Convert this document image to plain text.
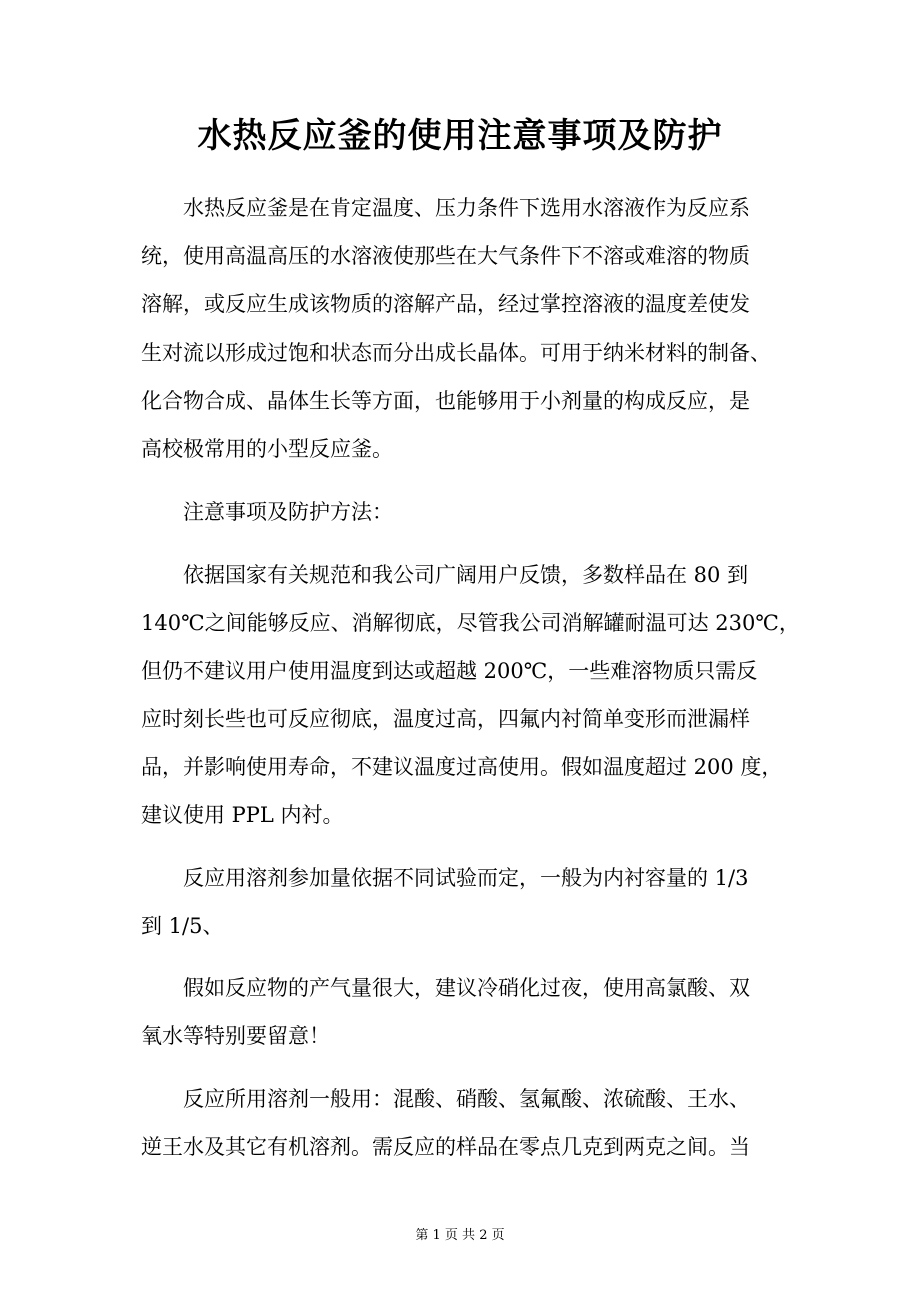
水热反应釜的使用注意事项及防护
水热反应釜是在肯定温度、压力条件下选用水溶液作为反应系
统，使用高温高压的水溶液使那些在大气条件下不溶或难溶的物质
溶解，或反应生成该物质的溶解产品，经过掌控溶液的温度差使发
生对流以形成过饱和状态而分出成长晶体。可用于纳米材料的制备、
化合物合成、晶体生长等方面，也能够用于小剂量的构成反应，是
高校极常用的小型反应釜。
注意事项及防护方法：
依据国家有关规范和我公司广阔用户反馈，多数样品在 80 到
140℃之间能够反应、消解彻底，尽管我公司消解罐耐温可达 230℃，
但仍不建议用户使用温度到达或超越 200℃，一些难溶物质只需反
应时刻长些也可反应彻底，温度过高，四氟内衬简单变形而泄漏样
品，并影响使用寿命，不建议温度过高使用。假如温度超过 200 度，
建议使用 PPL 内衬。
反应用溶剂参加量依据不同试验而定，一般为内衬容量的 1/3
到 1/5、
假如反应物的产气量很大，建议冷硝化过夜，使用高氯酸、双
氧水等特别要留意！
反应所用溶剂一般用：混酸、硝酸、氢氟酸、浓硫酸、王水、
逆王水及其它有机溶剂。需反应的样品在零点几克到两克之间。当
第 1 页 共 2 页
